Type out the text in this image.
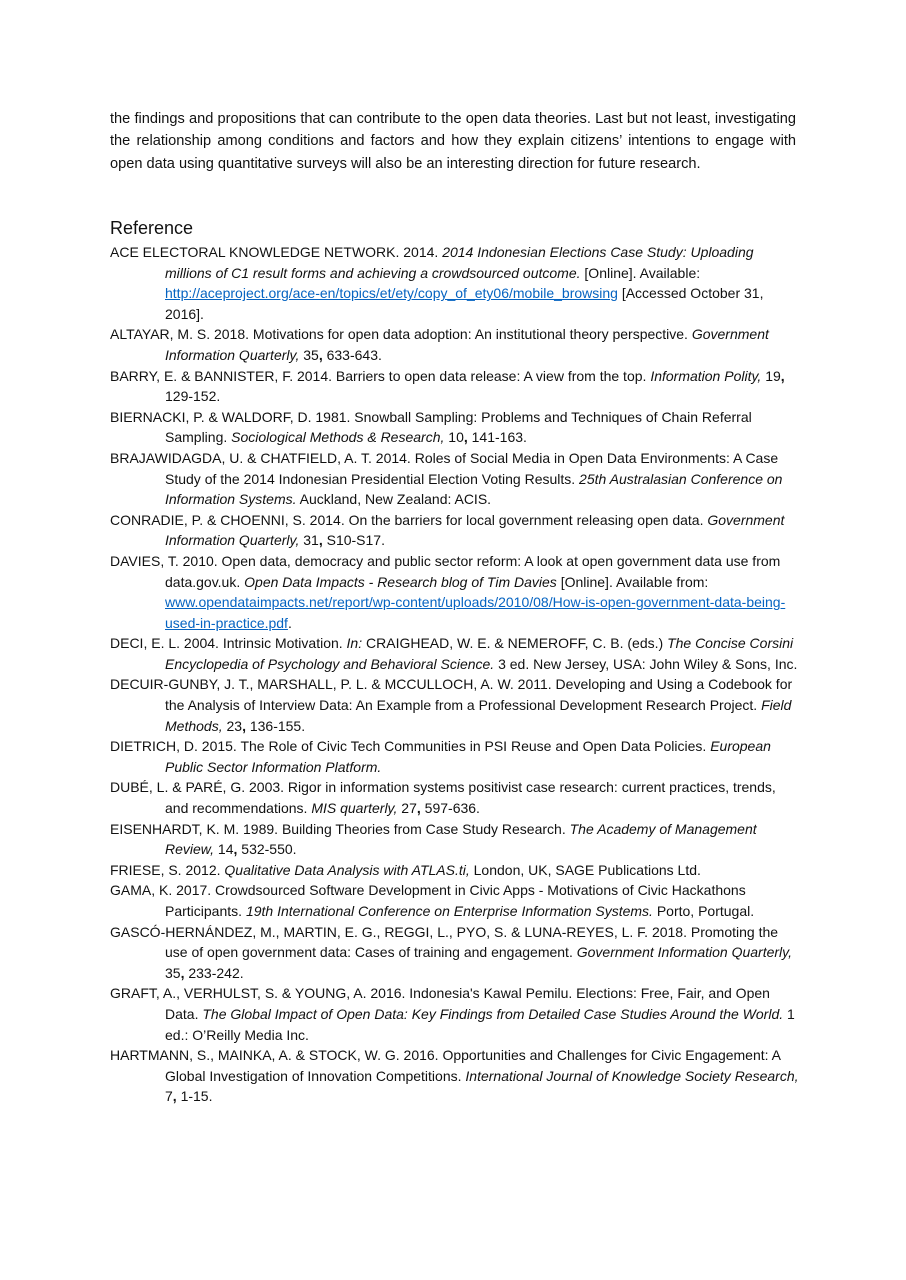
the findings and propositions that can contribute to the open data theories. Last but not least, investigating the relationship among conditions and factors and how they explain citizens’ intentions to engage with open data using quantitative surveys will also be an interesting direction for future research.

Reference
ACE ELECTORAL KNOWLEDGE NETWORK. 2014. 2014 Indonesian Elections Case Study: Uploading millions of C1 result forms and achieving a crowdsourced outcome. [Online]. Available: http://aceproject.org/ace-en/topics/et/ety/copy_of_ety06/mobile_browsing [Accessed October 31, 2016].
ALTAYAR, M. S. 2018. Motivations for open data adoption: An institutional theory perspective. Government Information Quarterly, 35, 633-643.
BARRY, E. & BANNISTER, F. 2014. Barriers to open data release: A view from the top. Information Polity, 19, 129-152.
BIERNACKI, P. & WALDORF, D. 1981. Snowball Sampling: Problems and Techniques of Chain Referral Sampling. Sociological Methods & Research, 10, 141-163.
BRAJAWIDAGDA, U. & CHATFIELD, A. T. 2014. Roles of Social Media in Open Data Environments: A Case Study of the 2014 Indonesian Presidential Election Voting Results. 25th Australasian Conference on Information Systems. Auckland, New Zealand: ACIS.
CONRADIE, P. & CHOENNI, S. 2014. On the barriers for local government releasing open data. Government Information Quarterly, 31, S10-S17.
DAVIES, T. 2010. Open data, democracy and public sector reform: A look at open government data use from data.gov.uk. Open Data Impacts - Research blog of Tim Davies [Online]. Available from: www.opendataimpacts.net/report/wp-content/uploads/2010/08/How-is-open-government-data-being-used-in-practice.pdf.
DECI, E. L. 2004. Intrinsic Motivation. In: CRAIGHEAD, W. E. & NEMEROFF, C. B. (eds.) The Concise Corsini Encyclopedia of Psychology and Behavioral Science. 3 ed. New Jersey, USA: John Wiley & Sons, Inc.
DECUIR-GUNBY, J. T., MARSHALL, P. L. & MCCULLOCH, A. W. 2011. Developing and Using a Codebook for the Analysis of Interview Data: An Example from a Professional Development Research Project. Field Methods, 23, 136-155.
DIETRICH, D. 2015. The Role of Civic Tech Communities in PSI Reuse and Open Data Policies. European Public Sector Information Platform.
DUBÉ, L. & PARÉ, G. 2003. Rigor in information systems positivist case research: current practices, trends, and recommendations. MIS quarterly, 27, 597-636.
EISENHARDT, K. M. 1989. Building Theories from Case Study Research. The Academy of Management Review, 14, 532-550.
FRIESE, S. 2012. Qualitative Data Analysis with ATLAS.ti, London, UK, SAGE Publications Ltd.
GAMA, K. 2017. Crowdsourced Software Development in Civic Apps - Motivations of Civic Hackathons Participants. 19th International Conference on Enterprise Information Systems. Porto, Portugal.
GASCÓ-HERNÁNDEZ, M., MARTIN, E. G., REGGI, L., PYO, S. & LUNA-REYES, L. F. 2018. Promoting the use of open government data: Cases of training and engagement. Government Information Quarterly, 35, 233-242.
GRAFT, A., VERHULST, S. & YOUNG, A. 2016. Indonesia's Kawal Pemilu. Elections: Free, Fair, and Open Data. The Global Impact of Open Data: Key Findings from Detailed Case Studies Around the World. 1 ed.: O’Reilly Media Inc.
HARTMANN, S., MAINKA, A. & STOCK, W. G. 2016. Opportunities and Challenges for Civic Engagement: A Global Investigation of Innovation Competitions. International Journal of Knowledge Society Research, 7, 1-15.
